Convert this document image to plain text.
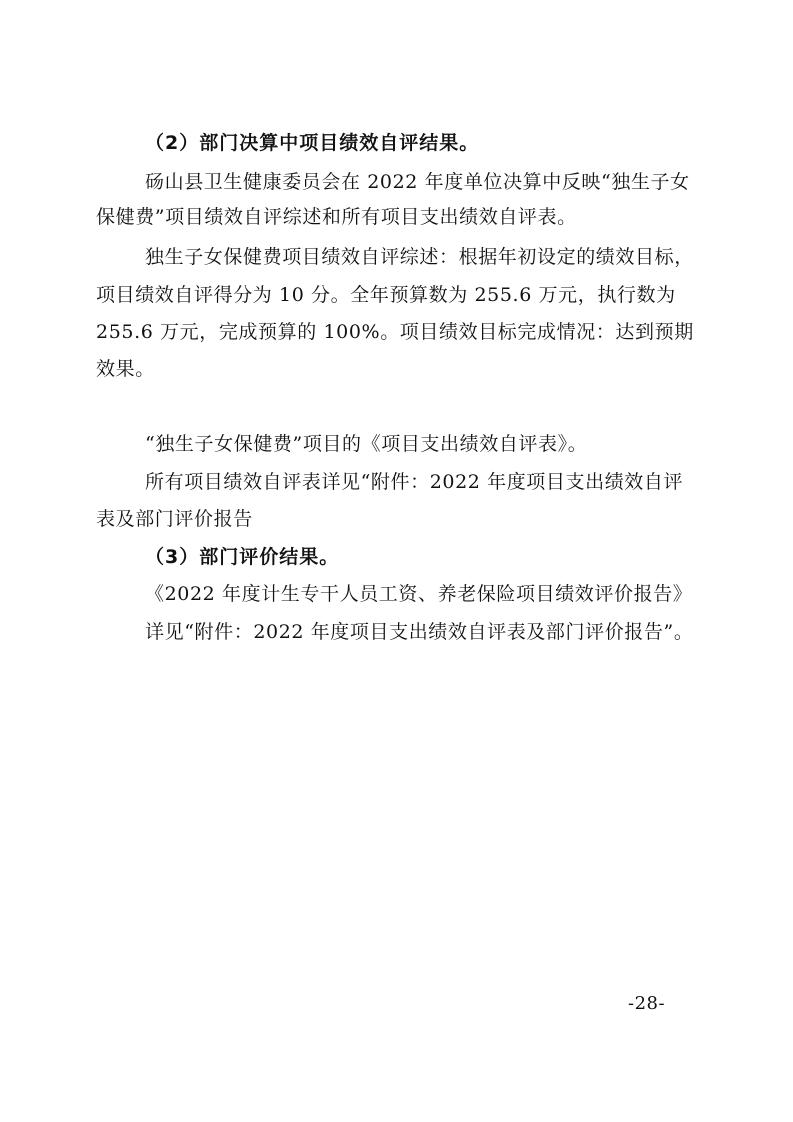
（2）部门决算中项目绩效自评结果。
砀山县卫生健康委员会在 2022 年度单位决算中反映“独生子女
保健费”项目绩效自评综述和所有项目支出绩效自评表。
独生子女保健费项目绩效自评综述：根据年初设定的绩效目标，
项目绩效自评得分为 10 分。全年预算数为 255.6 万元，执行数为
255.6 万元，完成预算的 100%。项目绩效目标完成情况：达到预期
效果。
“独生子女保健费”项目的《项目支出绩效自评表》。
所有项目绩效自评表详见“附件：2022 年度项目支出绩效自评
表及部门评价报告
（3）部门评价结果。
《2022 年度计生专干人员工资、养老保险项目绩效评价报告》
详见“附件：2022 年度项目支出绩效自评表及部门评价报告”。
-28-
